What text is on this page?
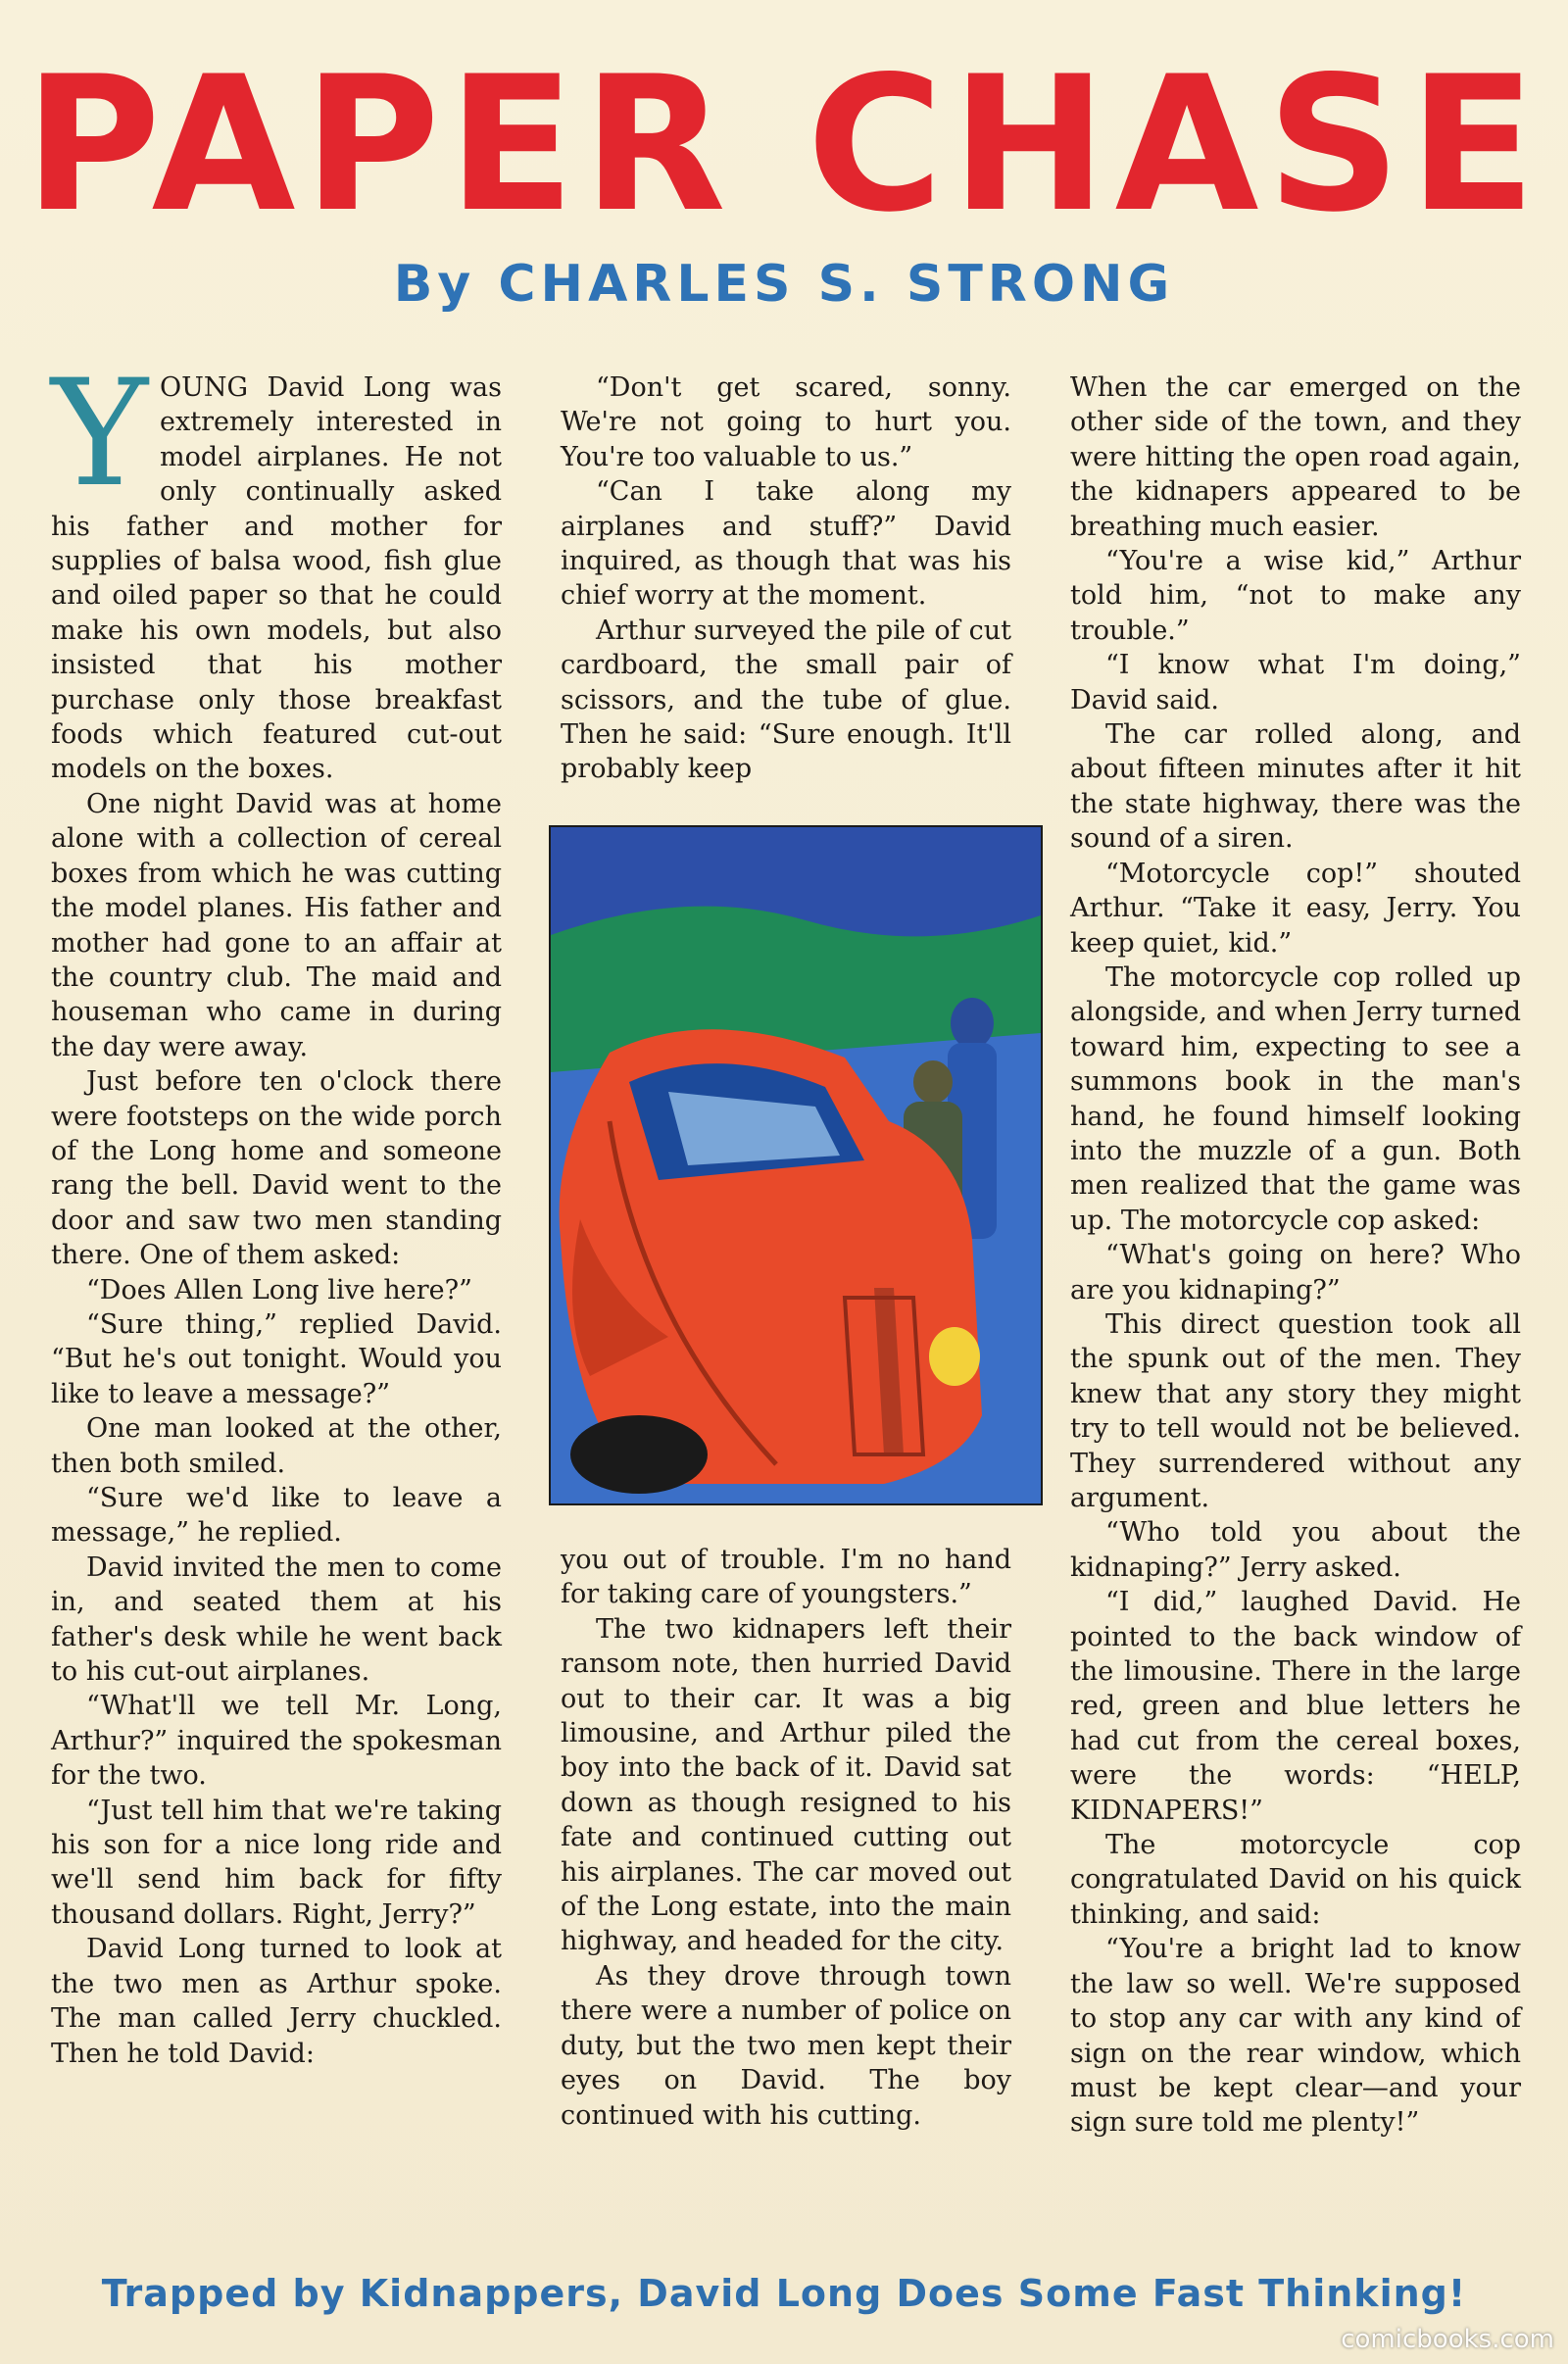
PAPER CHASE
By CHARLES S. STRONG

YOUNG David Long was extremely interested in model airplanes. He not only continually asked his father and mother for supplies of balsa wood, fish glue and oiled paper so that he could make his own models, but also insisted that his mother purchase only those breakfast foods which featured cut-out models on the boxes.

One night David was at home alone with a collection of cereal boxes from which he was cutting the model planes. His father and mother had gone to an affair at the country club. The maid and houseman who came in during the day were away.

Just before ten o'clock there were footsteps on the wide porch of the Long home and someone rang the bell. David went to the door and saw two men standing there. One of them asked:

“Does Allen Long live here?”

“Sure thing,” replied David. “But he's out tonight. Would you like to leave a message?”

One man looked at the other, then both smiled.

“Sure we'd like to leave a message,” he replied.

David invited the men to come in, and seated them at his father's desk while he went back to his cut-out airplanes.

“What'll we tell Mr. Long, Arthur?” inquired the spokesman for the two.

“Just tell him that we're taking his son for a nice long ride and we'll send him back for fifty thousand dollars. Right, Jerry?”

David Long turned to look at the two men as Arthur spoke. The man called Jerry chuckled. Then he told David:

“Don't get scared, sonny. We're not going to hurt you. You're too valuable to us.”

“Can I take along my airplanes and stuff?” David inquired, as though that was his chief worry at the moment.

Arthur surveyed the pile of cut cardboard, the small pair of scissors, and the tube of glue. Then he said: “Sure enough. It'll probably keep

you out of trouble. I'm no hand for taking care of youngsters.”

The two kidnapers left their ransom note, then hurried David out to their car. It was a big limousine, and Arthur piled the boy into the back of it. David sat down as though resigned to his fate and continued cutting out his airplanes. The car moved out of the Long estate, into the main highway, and headed for the city.

As they drove through town there were a number of police on duty, but the two men kept their eyes on David. The boy continued with his cutting.

When the car emerged on the other side of the town, and they were hitting the open road again, the kidnapers appeared to be breathing much easier.

“You're a wise kid,” Arthur told him, “not to make any trouble.”

“I know what I'm doing,” David said.

The car rolled along, and about fifteen minutes after it hit the state highway, there was the sound of a siren.

“Motorcycle cop!” shouted Arthur. “Take it easy, Jerry. You keep quiet, kid.”

The motorcycle cop rolled up alongside, and when Jerry turned toward him, expecting to see a summons book in the man's hand, he found himself looking into the muzzle of a gun. Both men realized that the game was up. The motorcycle cop asked:

“What's going on here? Who are you kidnaping?”

This direct question took all the spunk out of the men. They knew that any story they might try to tell would not be believed. They surrendered without any argument.

“Who told you about the kidnaping?” Jerry asked.

“I did,” laughed David. He pointed to the back window of the limousine. There in the large red, green and blue letters he had cut from the cereal boxes, were the words: “HELP, KIDNAPERS!”

The motorcycle cop congratulated David on his quick thinking, and said:

“You're a bright lad to know the law so well. We're supposed to stop any car with any kind of sign on the rear window, which must be kept clear—and your sign sure told me plenty!”

Trapped by Kidnappers, David Long Does Some Fast Thinking!
comicbooks.com
